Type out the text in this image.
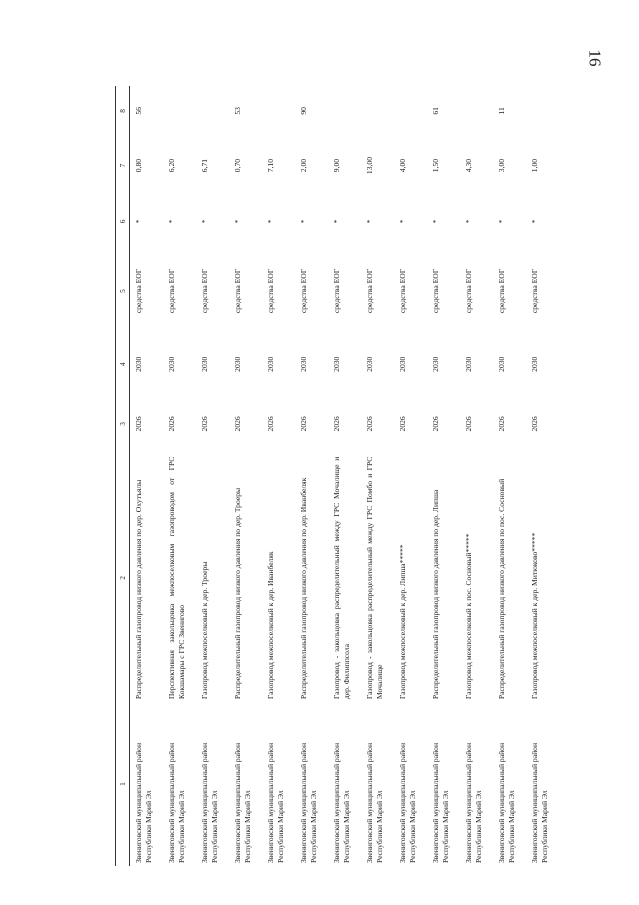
16
1	2	3	4	5	6	7	8
Звениговский муниципальный район Республики Марий Эл	Распределительный газопровод низкого давления по дер. Охутъялы	2026	2030	средства ЕОГ	*	0,80	56
Звениговский муниципальный район Республики Марий Эл	Перспективная закольцовка межпоселковым газопроводом от ГРС Кокшамары с ГРС Звенигово	2026	2030	средства ЕОГ	*	6,20	
Звениговский муниципальный район Республики Марий Эл	Газопровод межпоселковый к дер. Троеры	2026	2030	средства ЕОГ	*	6,71	
Звениговский муниципальный район Республики Марий Эл	Распределительный газопровод низкого давления по дер. Троеры	2026	2030	средства ЕОГ	*	0,70	53
Звениговский муниципальный район Республики Марий Эл	Газопровод межпоселковый к дер. Иванбеляк	2026	2030	средства ЕОГ	*	7,10	
Звениговский муниципальный район Республики Марий Эл	Распределительный газопровод низкого давления по дер. Иванбеляк	2026	2030	средства ЕОГ	*	2,00	90
Звениговский муниципальный район Республики Марий Эл	Газопровод - закольцовка распределительный между ГРС Мочалище и дер. Филиппсола	2026	2030	средства ЕОГ	*	9,00	
Звениговский муниципальный район Республики Марий Эл	Газопровод - закольцовка распределительный между ГРС Помбо и ГРС Мочалище	2026	2030	средства ЕОГ	*	13,00	
Звениговский муниципальный район Республики Марий Эл	Газопровод межпоселковый к дер. Липша*****	2026	2030	средства ЕОГ	*	4,00	
Звениговский муниципальный район Республики Марий Эл	Распределительный газопровод низкого давления по дер. Липша	2026	2030	средства ЕОГ	*	1,50	61
Звениговский муниципальный район Республики Марий Эл	Газопровод межпоселковый к пос. Сосновый*****	2026	2030	средства ЕОГ	*	4,30	
Звениговский муниципальный район Республики Марий Эл	Распределительный газопровод низкого давления по пос. Сосновый	2026	2030	средства ЕОГ	*	3,00	11
Звениговский муниципальный район Республики Марий Эл	Газопровод межпоселковый к дер. Митюково*****	2026	2030	средства ЕОГ	*	1,00	
